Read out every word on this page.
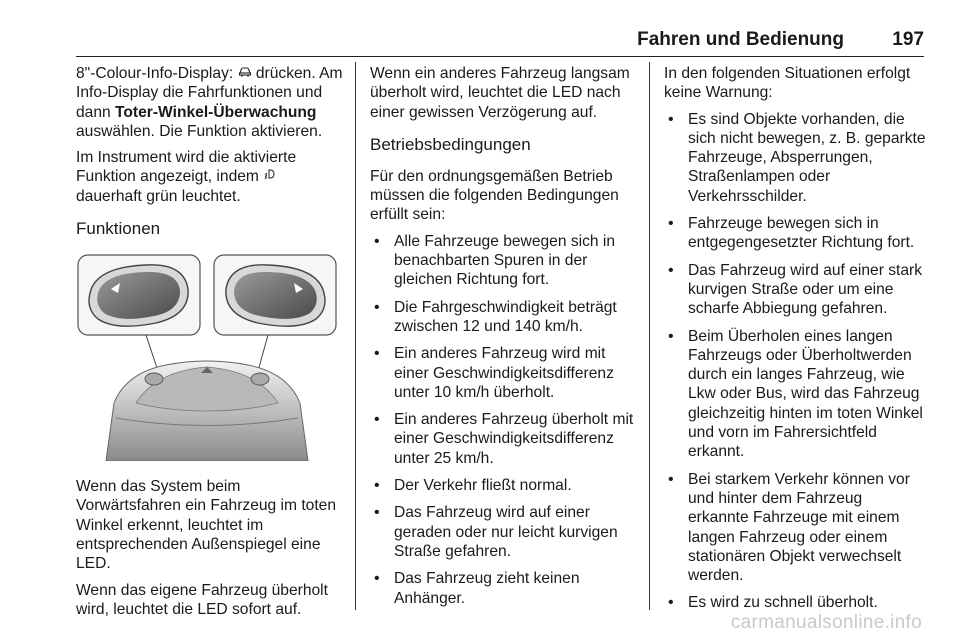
Fahren und Bedienung	197

8"-Colour-Info-Display:  drücken. Am Info-Display die Fahrfunktionen und dann Toter-Winkel-Überwachung auswählen. Die Funktion aktivieren.

Im Instrument wird die aktivierte Funktion angezeigt, indem  dauerhaft grün leuchtet.

Funktionen

Wenn das System beim Vorwärtsfahren ein Fahrzeug im toten Winkel erkennt, leuchtet im entsprechenden Außenspiegel eine LED.

Wenn das eigene Fahrzeug überholt wird, leuchtet die LED sofort auf.

Wenn ein anderes Fahrzeug langsam überholt wird, leuchtet die LED nach einer gewissen Verzögerung auf.

Betriebsbedingungen

Für den ordnungsgemäßen Betrieb müssen die folgenden Bedingungen erfüllt sein:

• Alle Fahrzeuge bewegen sich in benachbarten Spuren in der gleichen Richtung fort.
• Die Fahrgeschwindigkeit beträgt zwischen 12 und 140 km/h.
• Ein anderes Fahrzeug wird mit einer Geschwindigkeitsdifferenz unter 10 km/h überholt.
• Ein anderes Fahrzeug überholt mit einer Geschwindigkeitsdifferenz unter 25 km/h.
• Der Verkehr fließt normal.
• Das Fahrzeug wird auf einer geraden oder nur leicht kurvigen Straße gefahren.
• Das Fahrzeug zieht keinen Anhänger.

In den folgenden Situationen erfolgt keine Warnung:

• Es sind Objekte vorhanden, die sich nicht bewegen, z. B. geparkte Fahrzeuge, Absperrungen, Straßenlampen oder Verkehrsschilder.
• Fahrzeuge bewegen sich in entgegengesetzter Richtung fort.
• Das Fahrzeug wird auf einer stark kurvigen Straße oder um eine scharfe Abbiegung gefahren.
• Beim Überholen eines langen Fahrzeugs oder Überholtwerden durch ein langes Fahrzeug, wie Lkw oder Bus, wird das Fahrzeug gleichzeitig hinten im toten Winkel und vorn im Fahrersichtfeld erkannt.
• Bei starkem Verkehr können vor und hinter dem Fahrzeug erkannte Fahrzeuge mit einem langen Fahrzeug oder einem stationären Objekt verwechselt werden.
• Es wird zu schnell überholt.
carmanualsonline.info
